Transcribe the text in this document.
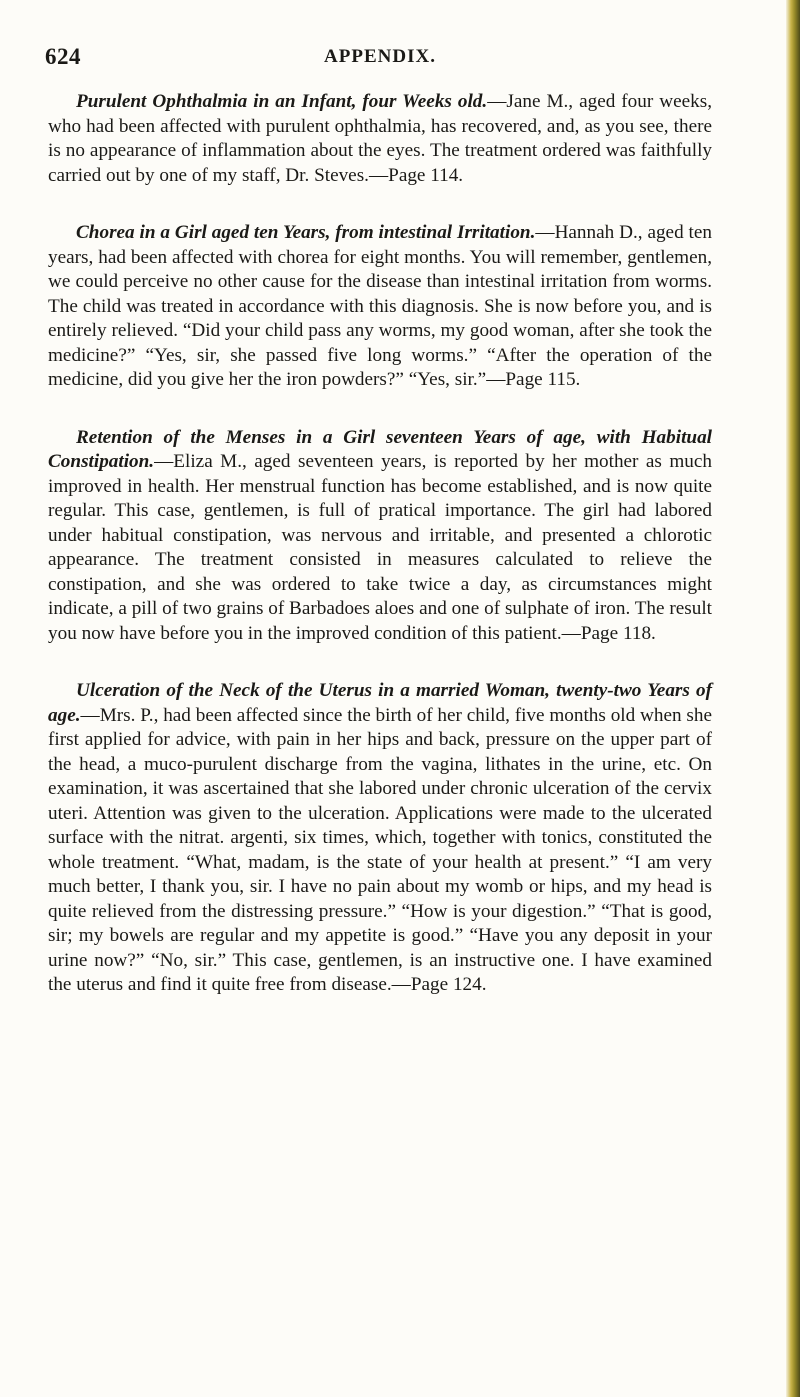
624	APPENDIX.

Purulent Ophthalmia in an Infant, four Weeks old.—Jane M., aged four weeks, who had been affected with purulent ophthalmia, has recovered, and, as you see, there is no appearance of inflammation about the eyes. The treatment ordered was faithfully carried out by one of my staff, Dr. Steves.—Page 114.

Chorea in a Girl aged ten Years, from intestinal Irritation.—Hannah D., aged ten years, had been affected with chorea for eight months. You will remember, gentlemen, we could perceive no other cause for the disease than intestinal irritation from worms. The child was treated in accordance with this diagnosis. She is now before you, and is entirely relieved. “Did your child pass any worms, my good woman, after she took the medicine?” “Yes, sir, she passed five long worms.” “After the operation of the medicine, did you give her the iron powders?” “Yes, sir.”—Page 115.

Retention of the Menses in a Girl seventeen Years of age, with Habitual Constipation.—Eliza M., aged seventeen years, is reported by her mother as much improved in health. Her menstrual function has become established, and is now quite regular. This case, gentlemen, is full of pratical importance. The girl had labored under habitual constipation, was nervous and irritable, and presented a chlorotic appearance. The treatment consisted in measures calculated to relieve the constipation, and she was ordered to take twice a day, as circumstances might indicate, a pill of two grains of Barbadoes aloes and one of sulphate of iron. The result you now have before you in the improved condition of this patient.—Page 118.

Ulceration of the Neck of the Uterus in a married Woman, twenty-two Years of age.—Mrs. P., had been affected since the birth of her child, five months old when she first applied for advice, with pain in her hips and back, pressure on the upper part of the head, a muco-purulent discharge from the vagina, lithates in the urine, etc. On examination, it was ascertained that she labored under chronic ulceration of the cervix uteri. Attention was given to the ulceration. Applications were made to the ulcerated surface with the nitrat. argenti, six times, which, together with tonics, constituted the whole treatment. “What, madam, is the state of your health at present.” “I am very much better, I thank you, sir. I have no pain about my womb or hips, and my head is quite relieved from the distressing pressure.” “How is your digestion.” “That is good, sir; my bowels are regular and my appetite is good.” “Have you any deposit in your urine now?” “No, sir.” This case, gentlemen, is an instructive one. I have examined the uterus and find it quite free from disease.—Page 124.
